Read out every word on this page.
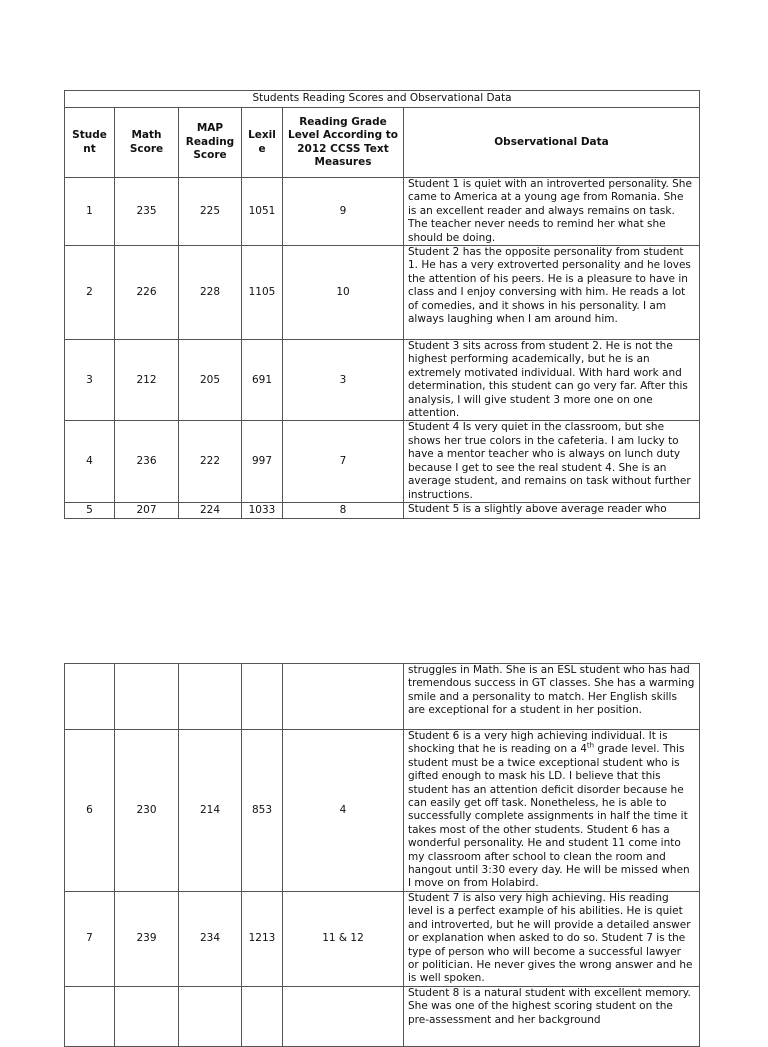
Students Reading Scores and Observational Data					
Stude nt	Math Score	MAP Reading Score	Lexil e	Reading Grade Level According to 2012 CCSS Text Measures	Observational Data
1	235	225	1051	9	Student 1 is quiet with an introverted personality. She came to America at a young age from Romania. She is an excellent reader and always remains on task. The teacher never needs to remind her what she should be doing.
2	226	228	1105	10	Student 2 has the opposite personality from student 1. He has a very extroverted personality and he loves the attention of his peers. He is a pleasure to have in class and I enjoy conversing with him. He reads a lot of comedies, and it shows in his personality. I am always laughing when I am around him.
3	212	205	691	3	Student 3 sits across from student 2. He is not the highest performing academically, but he is an extremely motivated individual. With hard work and determination, this student can go very far. After this analysis, I will give student 3 more one on one attention.
4	236	222	997	7	Student 4 Is very quiet in the classroom, but she shows her true colors in the cafeteria. I am lucky to have a mentor teacher who is always on lunch duty because I get to see the real student 4. She is an average student, and remains on task without further instructions.
5	207	224	1033	8	Student 5 is a slightly above average reader who
					struggles in Math. She is an ESL student who has had tremendous success in GT classes. She has a warming smile and a personality to match. Her English skills are exceptional for a student in her position.
6	230	214	853	4	Student 6 is a very high achieving individual. It is shocking that he is reading on a 4th grade level. This student must be a twice exceptional student who is gifted enough to mask his LD. I believe that this student has an attention deficit disorder because he can easily get off task. Nonetheless, he is able to successfully complete assignments in half the time it takes most of the other students. Student 6 has a wonderful personality. He and student 11 come into my classroom after school to clean the room and hangout until 3:30 every day. He will be missed when I move on from Holabird.
7	239	234	1213	11 & 12	Student 7 is also very high achieving. His reading level is a perfect example of his abilities. He is quiet and introverted, but he will provide a detailed answer or explanation when asked to do so. Student 7 is the type of person who will become a successful lawyer or politician. He never gives the wrong answer and he is well spoken.
					Student 8 is a natural student with excellent memory. She was one of the highest scoring student on the pre-assessment and her background
